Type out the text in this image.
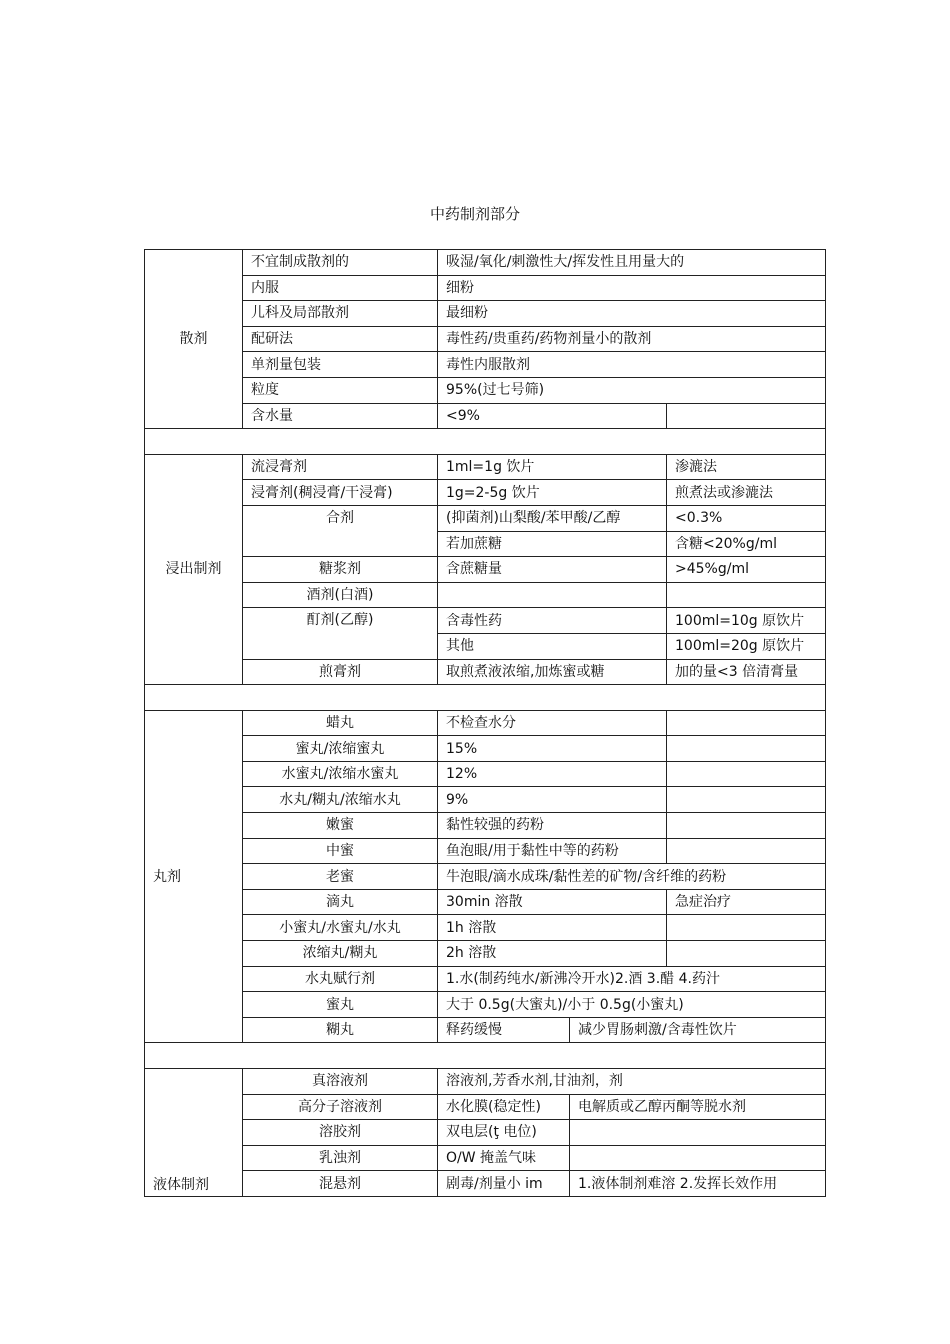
中药制剂部分
散剂	不宜制成散剂的	吸湿/氧化/刺激性大/挥发性且用量大的		
	内服	细粉		
	儿科及局部散剂	最细粉		
	配研法	毒性药/贵重药/药物剂量小的散剂		
	单剂量包装	毒性内服散剂		
	粒度	95%(过七号筛)		
	含水量	<9%		

浸出制剂	流浸膏剂	1ml=1g 饮片		渗漉法
	浸膏剂(稠浸膏/干浸膏)	1g=2-5g 饮片		煎煮法或渗漉法
	合剂	(抑菌剂)山梨酸/苯甲酸/乙醇		<0.3%
		若加蔗糖		含糖<20%g/ml
	糖浆剂	含蔗糖量		>45%g/ml
	酒剂(白酒)			
	酊剂(乙醇)	含毒性药		100ml=10g 原饮片
		其他		100ml=20g 原饮片
	煎膏剂	取煎煮液浓缩,加炼蜜或糖		加的量<3 倍清膏量

丸剂	蜡丸	不检查水分		
	蜜丸/浓缩蜜丸	15%		
	水蜜丸/浓缩水蜜丸	12%		
	水丸/糊丸/浓缩水丸	9%		
	嫩蜜	黏性较强的药粉		
	中蜜	鱼泡眼/用于黏性中等的药粉		
	老蜜	牛泡眼/滴水成珠/黏性差的矿物/含纤维的药粉		
	滴丸	30min 溶散		急症治疗
	小蜜丸/水蜜丸/水丸	1h 溶散		
	浓缩丸/糊丸	2h 溶散		
	水丸赋行剂	1.水(制药纯水/新沸冷开水)2.酒 3.醋 4.药汁		
	蜜丸	大于 0.5g(大蜜丸)/小于 0.5g(小蜜丸)		
	糊丸	释药缓慢	减少胃肠刺激/含毒性饮片	

液体制剂	真溶液剂	溶液剂,芳香水剂,甘油剂，剂		
	高分子溶液剂	水化膜(稳定性)	电解质或乙醇丙酮等脱水剂	
	溶胶剂	双电层(ţ 电位)		
	乳浊剂	O/W 掩盖气味		
	混悬剂	剧毒/剂量小 im	1.液体制剂难溶 2.发挥长效作用	
